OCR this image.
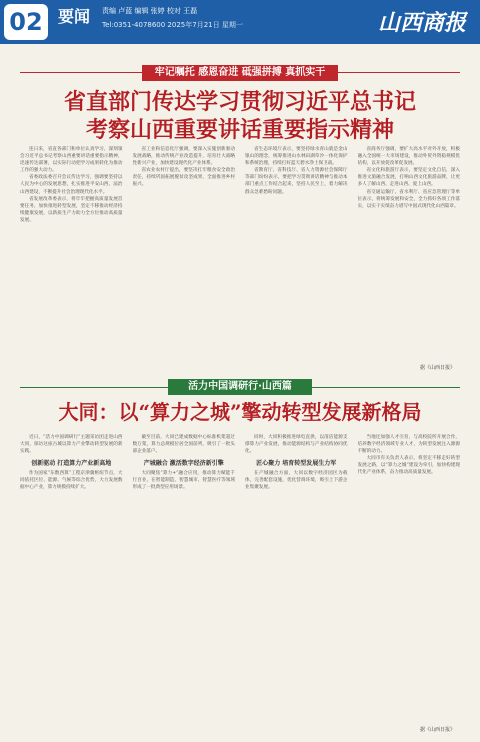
02 要闻 责编 卢蓝 编辑 张婷 校对 王磊
Tel:0351-4078600 2025年7月21日 星期一	山西商报
牢记嘱托 感恩奋进 砥强拼搏 真抓实干
省直部门传达学习贯彻习近平总书记
考察山西重要讲话重要指示精神

连日来，省直各部门和单位认真学习、深刻领会习近平总书记考察山西重要讲话重要指示精神，迅速传达部署，以实际行动把学习成果转化为推动工作的强大动力。

省委政法委召开会议传达学习，强调要坚持以人民为中心的发展思想，扎实推进平安山西、法治山西建设，不断提升社会治理现代化水平。

省发展改革委表示，将牢牢把握高质量发展首要任务，加快推进转型发展，坚定不移推动经济持续健康发展，以新质生产力助力全方位推动高质量发展。

省工业和信息化厅强调，要深入实施创新驱动发展战略，推动传统产业改造提升，培育壮大战略性新兴产业，加快建设现代化产业体系。

省农业农村厅提出，要坚决扛牢粮食安全政治责任，持续巩固拓展脱贫攻坚成果，全面推进乡村振兴。

省生态环境厅表示，要坚持绿水青山就是金山银山的理念，统筹推进山水林田湖草沙一体化保护和系统治理，持续打好蓝天碧水净土保卫战。

省教育厅、省科技厅、省人力资源社会保障厅等部门纷纷表示，要把学习贯彻讲话精神与推动本部门重点工作结合起来，坚持人民至上，着力解决群众急难愁盼问题。

省商务厅强调，要扩大高水平对外开放，积极融入全国统一大市场建设，推动外贸外资稳规模优结构，以开放促改革促发展。

省文化和旅游厅表示，要坚定文化自信，深入推进文旅融合发展，打响山西文化旅游品牌，让更多人了解山西、走进山西、爱上山西。

省交通运输厅、省水利厅、省应急管理厅等单位表示，将统筹发展和安全，全力抓好各项工作落实，以实干实绩奋力谱写中国式现代化山西篇章。

据《山西日报》
活力中国调研行·山西篇
大同：以“算力之城”擎动转型发展新格局

近日，“活力中国调研行”主题采访团走进山西大同，探访这座古城以算力产业擎动转型发展的新实践。

创新驱动 打造算力产业新高地

作为国家“东数西算”工程京津冀枢纽节点，大同依托区位、能源、气候等综合优势，大力发展数据中心产业，算力规模持续扩大。

截至目前，大同已建成数据中心标准机架超过数万架，算力总规模位居全国前列，吸引了一批头部企业落户。

产城融合 激活数字经济新引擎

大同聚焦“算力+”融合应用，推动算力赋能千行百业，在智能制造、智慧城市、智慧医疗等领域形成了一批典型应用场景。

同时，大同积极推进绿电直供，以清洁能源支撑算力产业发展，推动能源结构与产业结构协同优化。

匠心聚力 培育转型发展生力军

在产城融合方面，大同以数字经济园区为载体，完善配套设施，优化营商环境，吸引上下游企业集聚发展。

当地还加强人才引育，与高校院所开展合作，培养数字经济领域专业人才，为转型发展注入源源不断的动力。

大同市有关负责人表示，将坚定不移走好转型发展之路，以“算力之城”建设为牵引，加快构建现代化产业体系，奋力推动高质量发展。

据《山西日报》
